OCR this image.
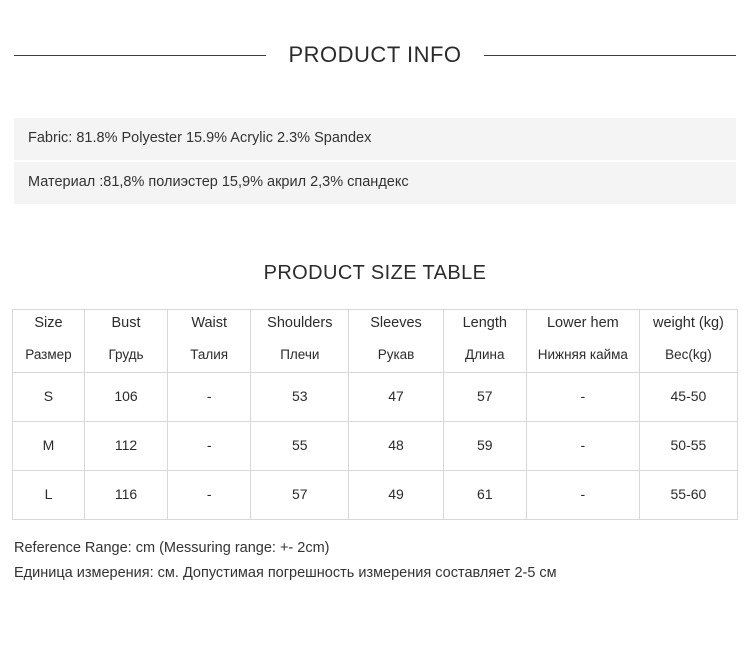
PRODUCT INFO
Fabric: 81.8% Polyester 15.9% Acrylic 2.3% Spandex
Материал :81,8% полиэстер 15,9% акрил 2,3% спандекс
PRODUCT SIZE TABLE
Size	Bust	Waist	Shoulders	Sleeves	Length	Lower hem	weight (kg)
Размер	Грудь	Талия	Плечи	Рукав	Длина	Нижняя кайма	Вес(kg)
S	106	-	53	47	57	-	45-50
M	112	-	55	48	59	-	50-55
L	116	-	57	49	61	-	55-60
Reference Range: cm (Messuring range: +- 2cm)
Единица измерения: см. Допустимая погрешность измерения составляет 2-5 см
